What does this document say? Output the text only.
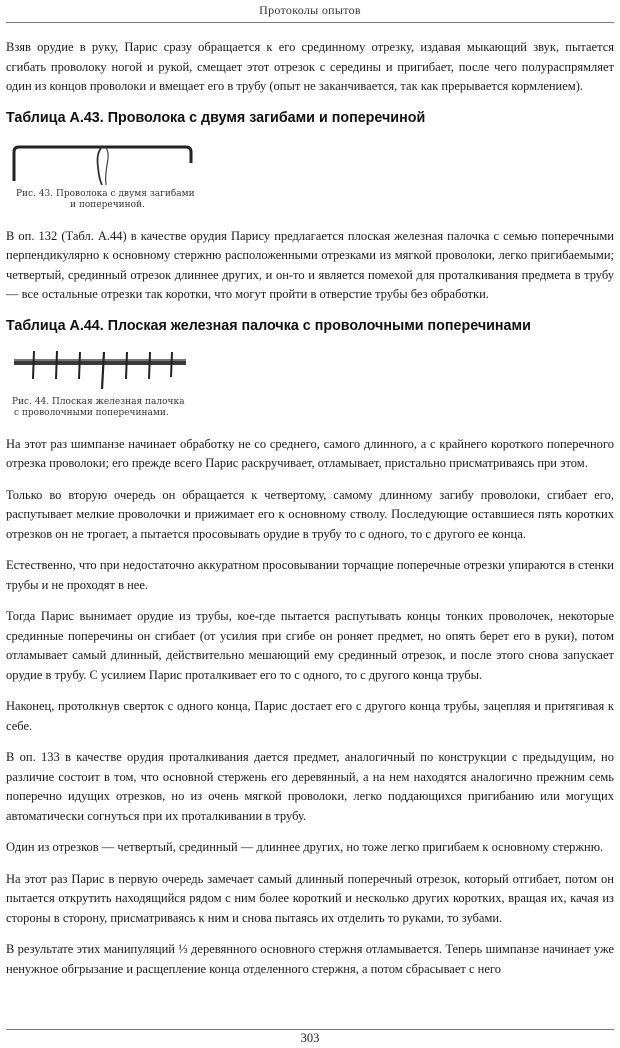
Протоколы опытов

Взяв орудие в руку, Парис сразу обращается к его срединному отрезку, издавая мыкающий звук, пытается сгибать проволоку ногой и рукой, смещает этот отрезок с середины и пригибает, после чего полураспрямляет один из концов проволоки и вмещает его в трубу (опыт не заканчивается, так как прерывается кормлением).

Таблица А.43. Проволока с двумя загибами и поперечиной
Рис. 43. Проволока с двумя загибами
и поперечиной.

В оп. 132 (Табл. А.44) в качестве орудия Парису предлагается плоская железная палочка с семью поперечными перпендикулярно к основному стержню расположенными отрезками из мягкой проволоки, легко пригибаемыми; четвертый, срединный отрезок длиннее других, и он-то и является помехой для проталкивания предмета в трубу — все остальные отрезки так коротки, что могут пройти в отверстие трубы без обработки.

Таблица А.44. Плоская железная палочка с проволочными поперечинами
Рис. 44. Плоская железная палочка
с проволочными поперечинами.

На этот раз шимпанзе начинает обработку не со среднего, самого длинного, а с крайнего короткого поперечного отрезка проволоки; его прежде всего Парис раскручивает, отламывает, пристально присматриваясь при этом.

Только во вторую очередь он обращается к четвертому, самому длинному загибу проволоки, сгибает его, распутывает мелкие проволочки и прижимает его к основному стволу. Последующие оставшиеся пять коротких отрезков он не трогает, а пытается просовывать орудие в трубу то с одного, то с другого ее конца.

Естественно, что при недостаточно аккуратном просовывании торчащие поперечные отрезки упираются в стенки трубы и не проходят в нее.

Тогда Парис вынимает орудие из трубы, кое-где пытается распутывать концы тонких проволочек, некоторые срединные поперечины он сгибает (от усилия при сгибе он роняет предмет, но опять берет его в руки), потом отламывает самый длинный, действительно мешающий ему срединный отрезок, и после этого снова запускает орудие в трубу. С усилием Парис проталкивает его то с одного, то с другого конца трубы.

Наконец, протолкнув сверток с одного конца, Парис достает его с другого конца трубы, зацепляя и притягивая к себе.

В оп. 133 в качестве орудия проталкивания дается предмет, аналогичный по конструкции с предыдущим, но различие состоит в том, что основной стержень его деревянный, а на нем находятся аналогично прежним семь поперечно идущих отрезков, но из очень мягкой проволоки, легко поддающихся пригибанию или могущих автоматически согнуться при их проталкивании в трубу.

Один из отрезков — четвертый, срединный — длиннее других, но тоже легко пригибаем к основному стержню.

На этот раз Парис в первую очередь замечает самый длинный поперечный отрезок, который отгибает, потом он пытается открутить находящийся рядом с ним более короткий и несколько других коротких, вращая их, качая из стороны в сторону, присматриваясь к ним и снова пытаясь их отделить то руками, то зубами.

В результате этих манипуляций ⅓ деревянного основного стержня отламывается. Теперь шимпанзе начинает уже ненужное обгрызание и расщепление конца отделенного стержня, а потом сбрасывает с него

303
